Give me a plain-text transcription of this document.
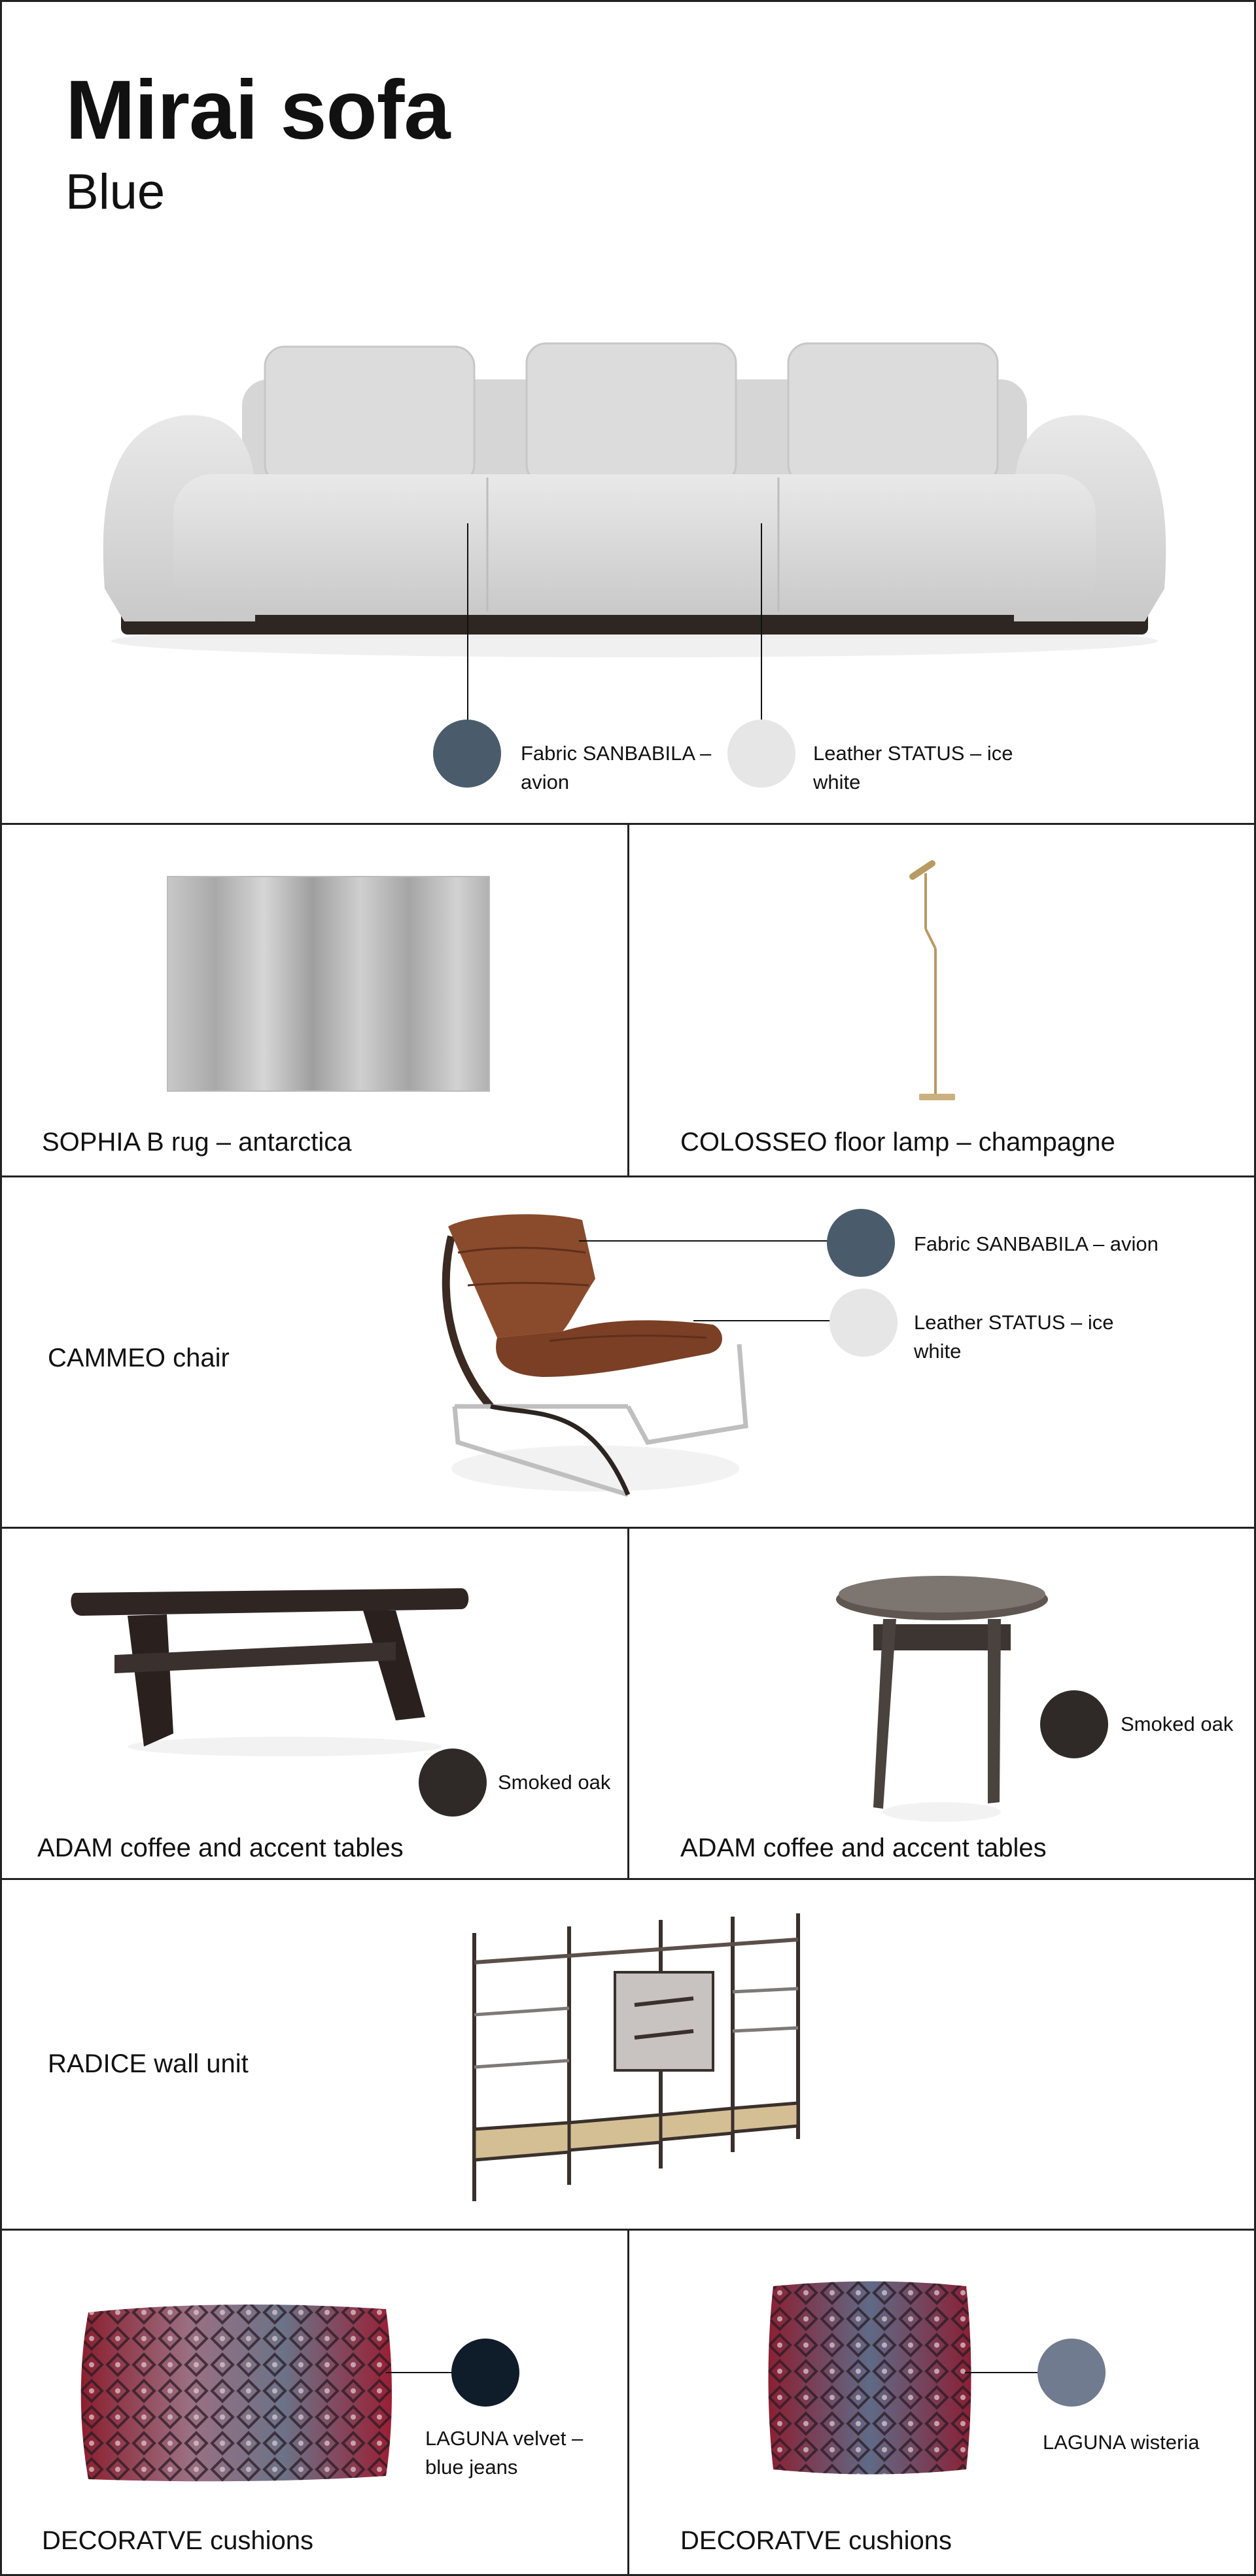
Mirai sofa
Blue
Fabric SANBABILA – avion
Leather STATUS – ice white
SOPHIA B rug – antarctica	COLOSSEO floor lamp – champagne
CAMMEO chair
Fabric SANBABILA – avion
Leather STATUS – ice white
Smoked oak
ADAM coffee and accent tables
Smoked oak
ADAM coffee and accent tables
RADICE wall unit
LAGUNA velvet – blue jeans
DECORATVE cushions
LAGUNA wisteria
DECORATVE cushions
